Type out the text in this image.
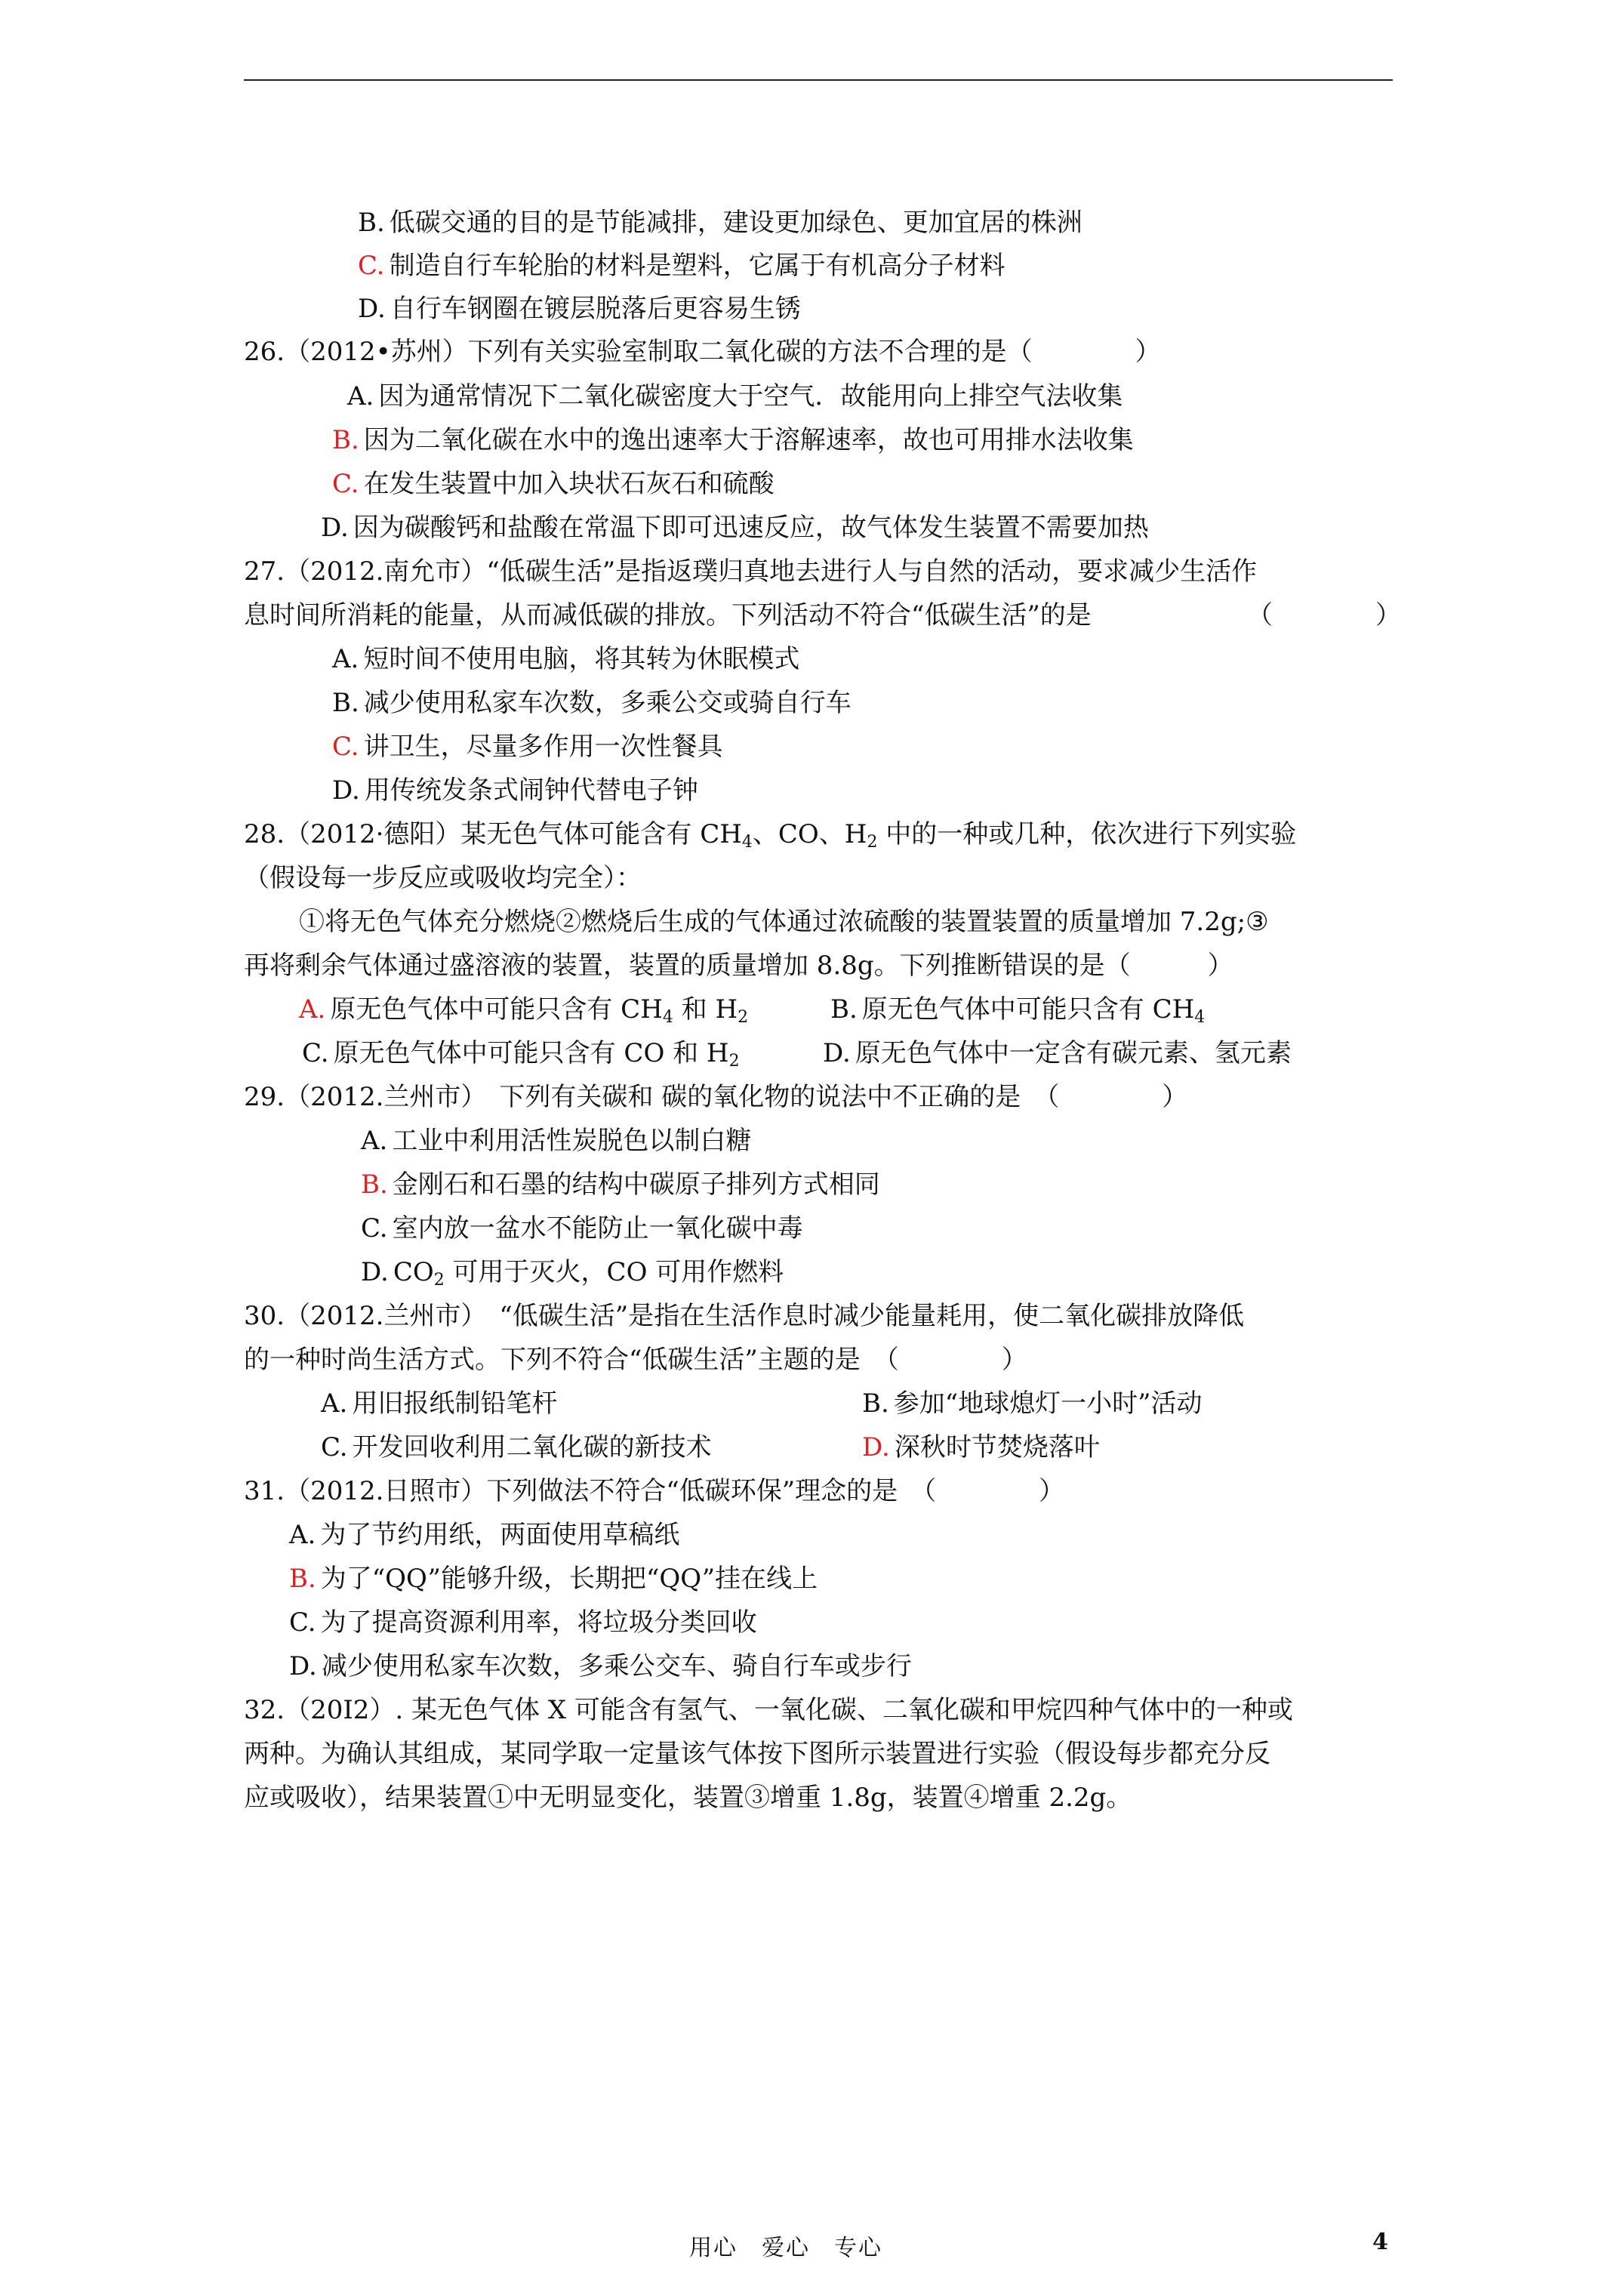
B. 低碳交通的目的是节能减排，建设更加绿色、更加宜居的株洲
C. 制造自行车轮胎的材料是塑料，它属于有机高分子材料
D. 自行车钢圈在镀层脱落后更容易生锈
26.（2012•苏州）下列有关实验室制取二氧化碳的方法不合理的是（　　　　）
A. 因为通常情况下二氧化碳密度大于空气．故能用向上排空气法收集
B. 因为二氧化碳在水中的逸出速率大于溶解速率，故也可用排水法收集
C. 在发生装置中加入块状石灰石和硫酸
D. 因为碳酸钙和盐酸在常温下即可迅速反应，故气体发生装置不需要加热
27.（2012.南允市）“低碳生活”是指返璞归真地去进行人与自然的活动，要求减少生活作
息时间所消耗的能量，从而减低碳的排放。下列活动不符合“低碳生活”的是	（　　　　）
A. 短时间不使用电脑，将其转为休眠模式
B. 减少使用私家车次数，多乘公交或骑自行车
C. 讲卫生，尽量多作用一次性餐具
D. 用传统发条式闹钟代替电子钟
28.（2012·德阳）某无色气体可能含有 $CH_4$、CO、$H_2$ 中的一种或几种，依次进行下列实验
（假设每一步反应或吸收均完全）：
①将无色气体充分燃烧②燃烧后生成的气体通过浓硫酸的装置装置的质量增加 7.2g;③
再将剩余气体通过盛溶液的装置，装置的质量增加 8.8g。下列推断错误的是（　　　）
A. 原无色气体中可能只含有 $CH_4$ 和 $H_2$	B. 原无色气体中可能只含有 $CH_4$
C. 原无色气体中可能只含有 CO 和 $H_2$	D. 原无色气体中一定含有碳元素、氢元素
29.（2012.兰州市）　下列有关碳和 碳的氧化物的说法中不正确的是　（　　　　）
A. 工业中利用活性炭脱色以制白糖
B. 金刚石和石墨的结构中碳原子排列方式相同
C. 室内放一盆水不能防止一氧化碳中毒
D. $CO_2$ 可用于灭火，CO 可用作燃料
30.（2012.兰州市）　“低碳生活”是指在生活作息时减少能量耗用，使二氧化碳排放降低
的一种时尚生活方式。下列不符合“低碳生活”主题的是　（　　　　）
A. 用旧报纸制铅笔杆	B. 参加“地球熄灯一小时”活动
C. 开发回收利用二氧化碳的新技术	D. 深秋时节焚烧落叶
31.（2012.日照市）下列做法不符合“低碳环保”理念的是　（　　　　）
A. 为了节约用纸，两面使用草稿纸
B. 为了“QQ”能够升级，长期把“QQ”挂在线上
C. 为了提高资源利用率，将垃圾分类回收
D. 减少使用私家车次数，多乘公交车、骑自行车或步行
32.（20I2）. 某无色气体 X 可能含有氢气、一氧化碳、二氧化碳和甲烷四种气体中的一种或
两种。为确认其组成，某同学取一定量该气体按下图所示装置进行实验（假设每步都充分反
应或吸收），结果装置①中无明显变化，装置③增重 1.8g，装置④增重 2.2g。
用心　爱心　专心	4
